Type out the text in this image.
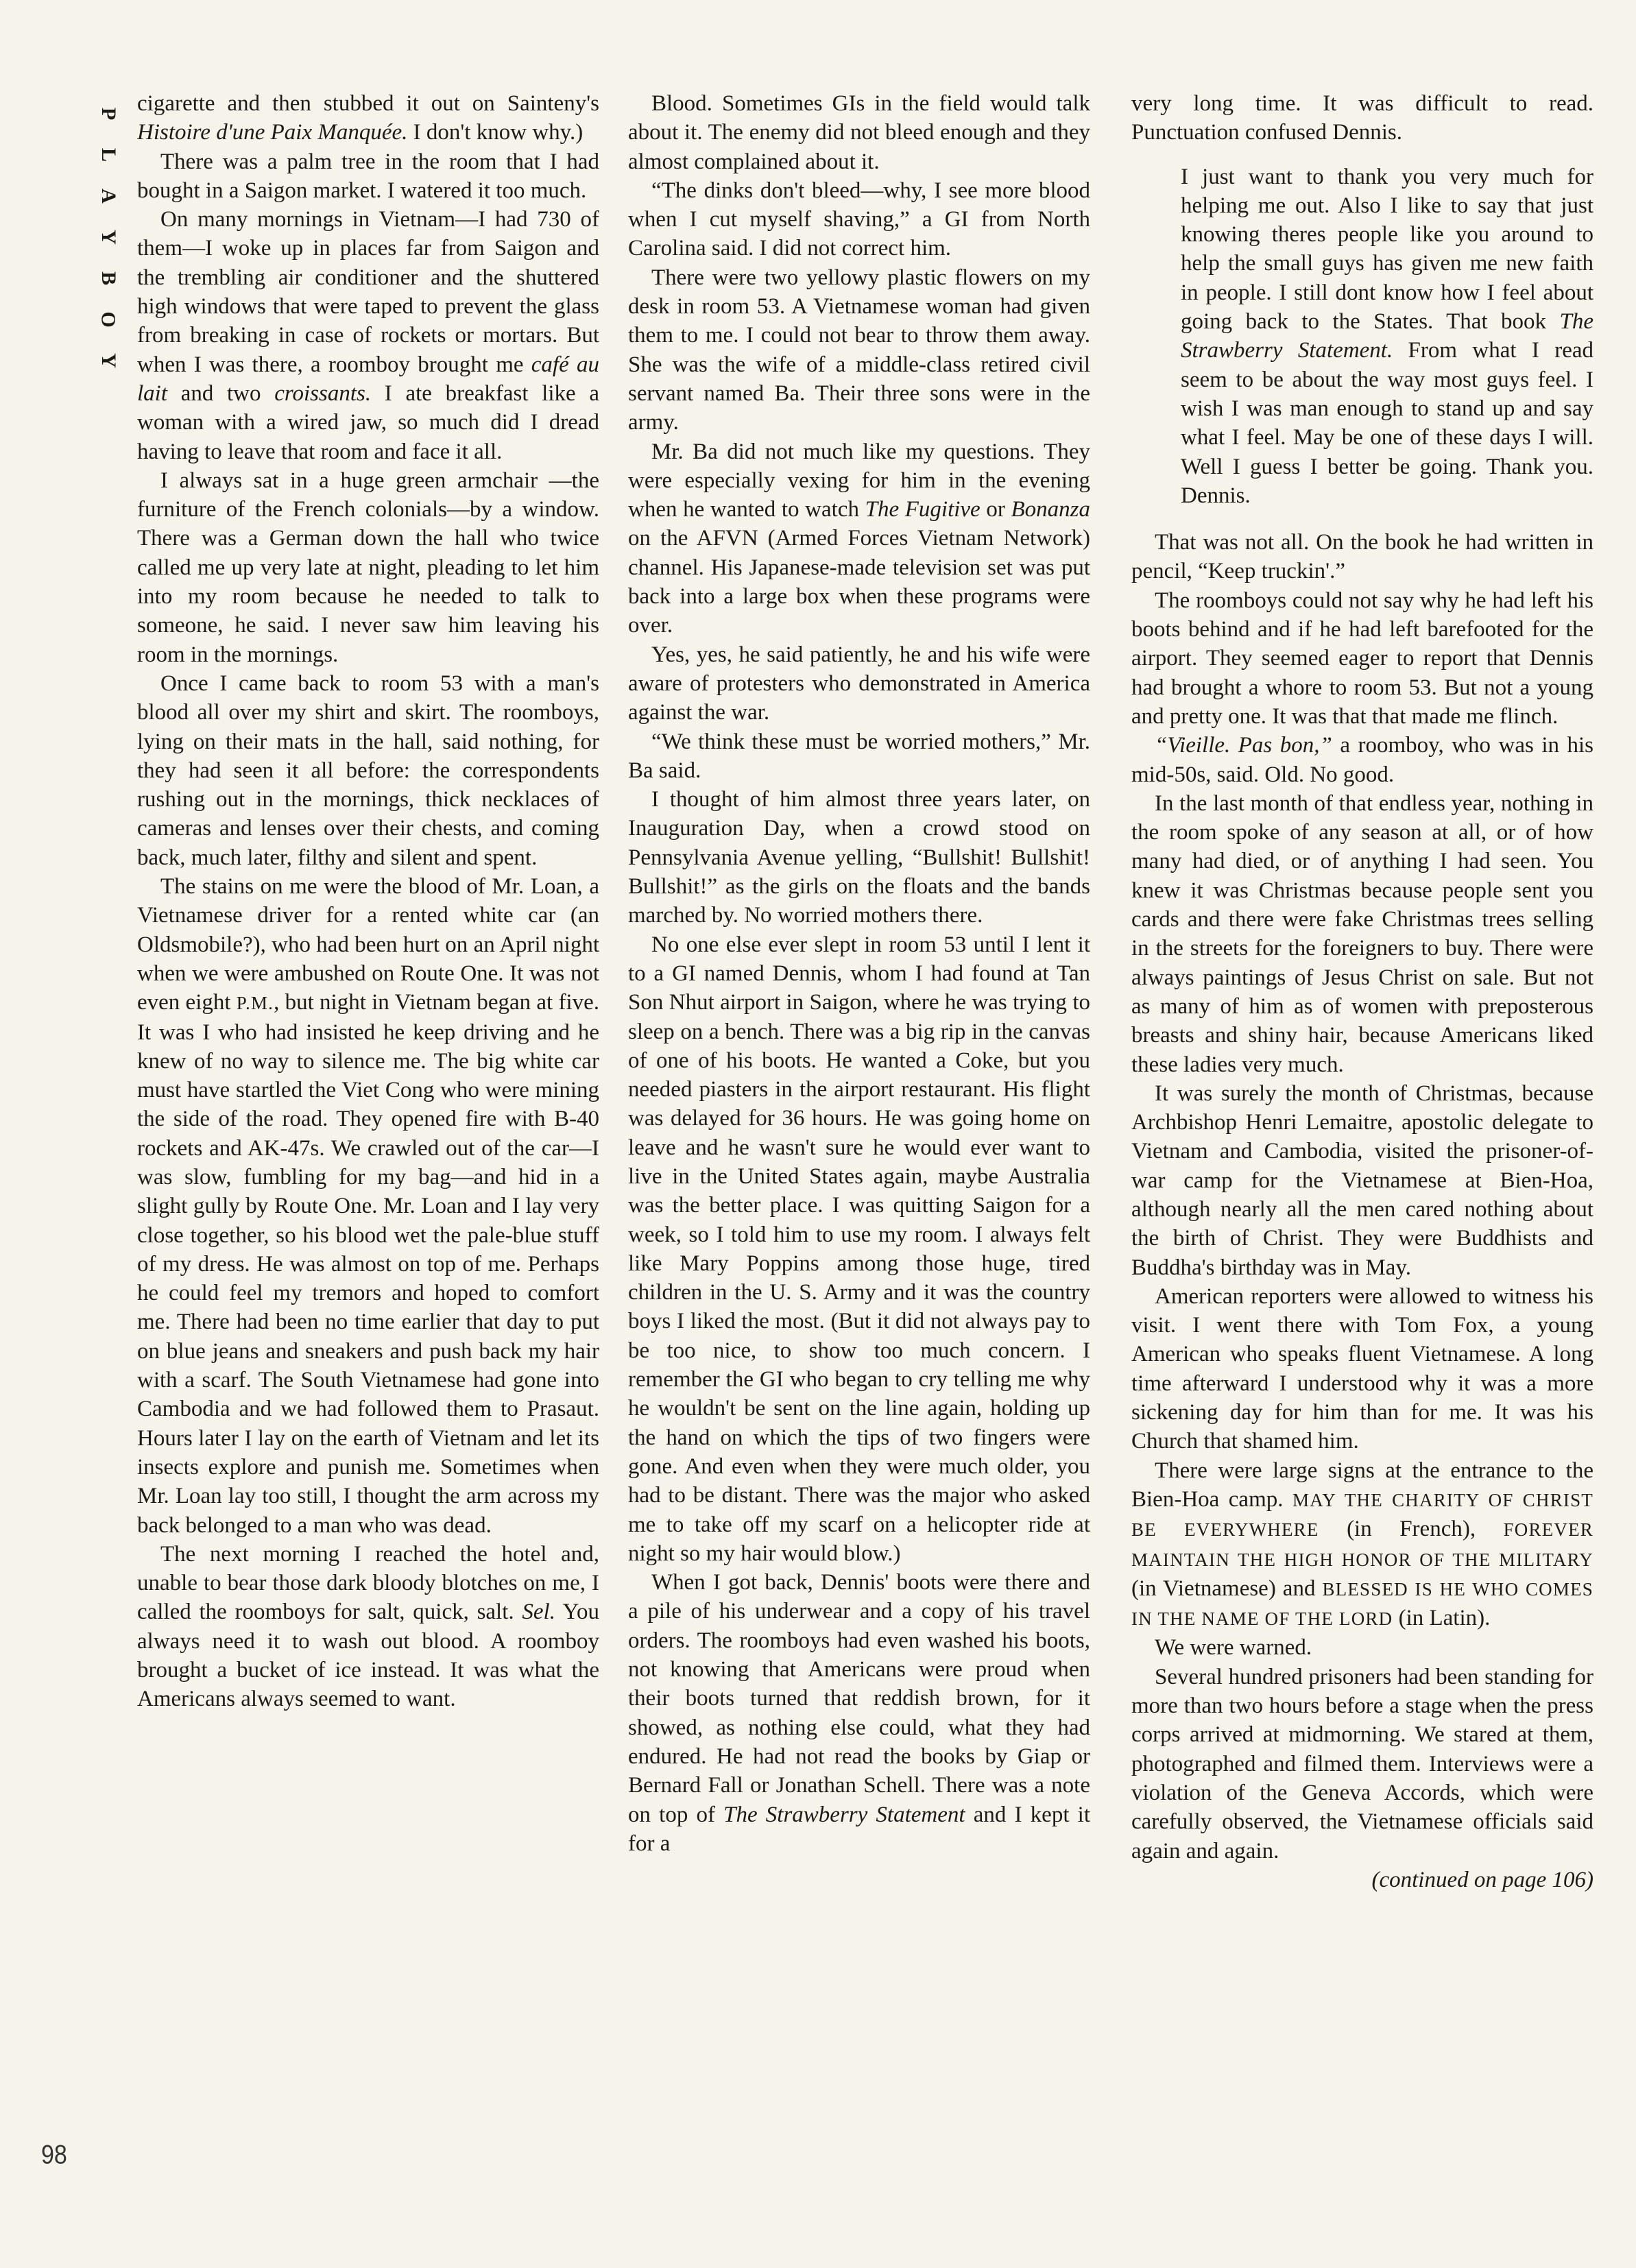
P
L
A
Y
B
O
Y
98

cigarette and then stubbed it out on Sainteny's Histoire d'une Paix Manquée. I don't know why.)

There was a palm tree in the room that I had bought in a Saigon market. I watered it too much.

On many mornings in Vietnam—I had 730 of them—I woke up in places far from Saigon and the trembling air conditioner and the shuttered high windows that were taped to prevent the glass from breaking in case of rockets or mortars. But when I was there, a roomboy brought me café au lait and two croissants. I ate breakfast like a woman with a wired jaw, so much did I dread having to leave that room and face it all.

I always sat in a huge green armchair —the furniture of the French colonials—by a window. There was a German down the hall who twice called me up very late at night, pleading to let him into my room because he needed to talk to someone, he said. I never saw him leaving his room in the mornings.

Once I came back to room 53 with a man's blood all over my shirt and skirt. The roomboys, lying on their mats in the hall, said nothing, for they had seen it all before: the correspondents rushing out in the mornings, thick necklaces of cameras and lenses over their chests, and coming back, much later, filthy and silent and spent.

The stains on me were the blood of Mr. Loan, a Vietnamese driver for a rented white car (an Oldsmobile?), who had been hurt on an April night when we were ambushed on Route One. It was not even eight P.M., but night in Vietnam began at five. It was I who had insisted he keep driving and he knew of no way to silence me. The big white car must have startled the Viet Cong who were mining the side of the road. They opened fire with B-40 rockets and AK-47s. We crawled out of the car—I was slow, fumbling for my bag—and hid in a slight gully by Route One. Mr. Loan and I lay very close together, so his blood wet the pale-blue stuff of my dress. He was almost on top of me. Perhaps he could feel my tremors and hoped to comfort me. There had been no time earlier that day to put on blue jeans and sneakers and push back my hair with a scarf. The South Vietnamese had gone into Cambodia and we had followed them to Prasaut. Hours later I lay on the earth of Vietnam and let its insects explore and punish me. Sometimes when Mr. Loan lay too still, I thought the arm across my back belonged to a man who was dead.

The next morning I reached the hotel and, unable to bear those dark bloody blotches on me, I called the roomboys for salt, quick, salt. Sel. You always need it to wash out blood. A roomboy brought a bucket of ice instead. It was what the Americans always seemed to want.

Blood. Sometimes GIs in the field would talk about it. The enemy did not bleed enough and they almost complained about it.

“The dinks don't bleed—why, I see more blood when I cut myself shaving,” a GI from North Carolina said. I did not correct him.

There were two yellowy plastic flowers on my desk in room 53. A Vietnamese woman had given them to me. I could not bear to throw them away. She was the wife of a middle-class retired civil servant named Ba. Their three sons were in the army.

Mr. Ba did not much like my questions. They were especially vexing for him in the evening when he wanted to watch The Fugitive or Bonanza on the AFVN (Armed Forces Vietnam Network) channel. His Japanese-made television set was put back into a large box when these programs were over.

Yes, yes, he said patiently, he and his wife were aware of protesters who demonstrated in America against the war.

“We think these must be worried mothers,” Mr. Ba said.

I thought of him almost three years later, on Inauguration Day, when a crowd stood on Pennsylvania Avenue yelling, “Bullshit! Bullshit! Bullshit!” as the girls on the floats and the bands marched by. No worried mothers there.

No one else ever slept in room 53 until I lent it to a GI named Dennis, whom I had found at Tan Son Nhut airport in Saigon, where he was trying to sleep on a bench. There was a big rip in the canvas of one of his boots. He wanted a Coke, but you needed piasters in the airport restaurant. His flight was delayed for 36 hours. He was going home on leave and he wasn't sure he would ever want to live in the United States again, maybe Australia was the better place. I was quitting Saigon for a week, so I told him to use my room. I always felt like Mary Poppins among those huge, tired children in the U. S. Army and it was the country boys I liked the most. (But it did not always pay to be too nice, to show too much concern. I remember the GI who began to cry telling me why he wouldn't be sent on the line again, holding up the hand on which the tips of two fingers were gone. And even when they were much older, you had to be distant. There was the major who asked me to take off my scarf on a helicopter ride at night so my hair would blow.)

When I got back, Dennis' boots were there and a pile of his underwear and a copy of his travel orders. The roomboys had even washed his boots, not knowing that Americans were proud when their boots turned that reddish brown, for it showed, as nothing else could, what they had endured. He had not read the books by Giap or Bernard Fall or Jonathan Schell. There was a note on top of The Strawberry Statement and I kept it for a

very long time. It was difficult to read. Punctuation confused Dennis.

I just want to thank you very much for helping me out. Also I like to say that just knowing theres people like you around to help the small guys has given me new faith in people. I still dont know how I feel about going back to the States. That book The Strawberry Statement. From what I read seem to be about the way most guys feel. I wish I was man enough to stand up and say what I feel. May be one of these days I will. Well I guess I better be going. Thank you. Dennis.

That was not all. On the book he had written in pencil, “Keep truckin'.”

The roomboys could not say why he had left his boots behind and if he had left barefooted for the airport. They seemed eager to report that Dennis had brought a whore to room 53. But not a young and pretty one. It was that that made me flinch.

“Vieille. Pas bon,” a roomboy, who was in his mid-50s, said. Old. No good.

In the last month of that endless year, nothing in the room spoke of any season at all, or of how many had died, or of anything I had seen. You knew it was Christmas because people sent you cards and there were fake Christmas trees selling in the streets for the foreigners to buy. There were always paintings of Jesus Christ on sale. But not as many of him as of women with preposterous breasts and shiny hair, because Americans liked these ladies very much.

It was surely the month of Christmas, because Archbishop Henri Lemaitre, apostolic delegate to Vietnam and Cambodia, visited the prisoner-of-war camp for the Vietnamese at Bien-Hoa, although nearly all the men cared nothing about the birth of Christ. They were Buddhists and Buddha's birthday was in May.

American reporters were allowed to witness his visit. I went there with Tom Fox, a young American who speaks fluent Vietnamese. A long time afterward I understood why it was a more sickening day for him than for me. It was his Church that shamed him.

There were large signs at the entrance to the Bien-Hoa camp. MAY THE CHARITY OF CHRIST BE EVERYWHERE (in French), FOREVER MAINTAIN THE HIGH HONOR OF THE MILITARY (in Vietnamese) and BLESSED IS HE WHO COMES IN THE NAME OF THE LORD (in Latin).

We were warned.

Several hundred prisoners had been standing for more than two hours before a stage when the press corps arrived at midmorning. We stared at them, photographed and filmed them. Interviews were a violation of the Geneva Accords, which were carefully observed, the Vietnamese officials said again and again.

(continued on page 106)
